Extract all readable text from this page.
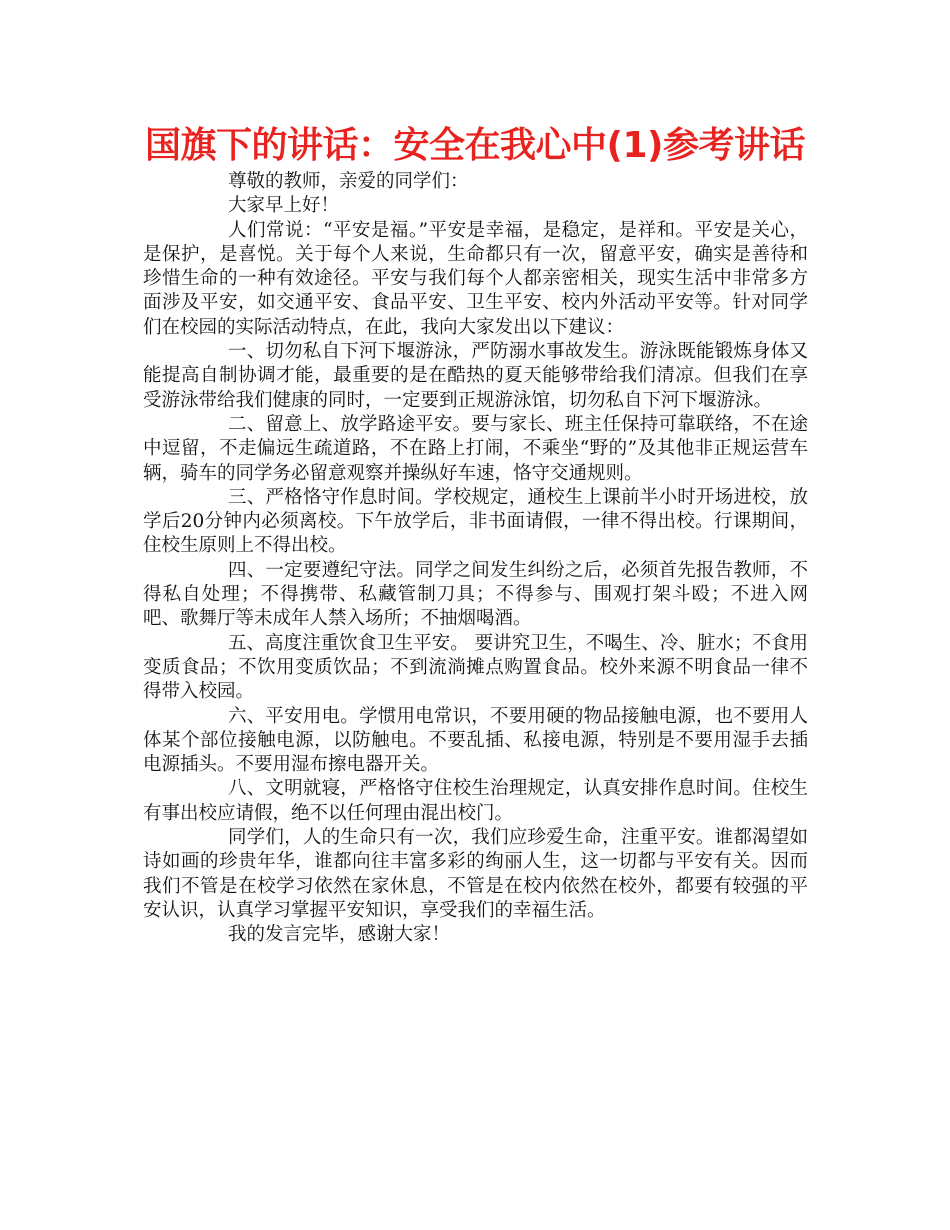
国旗下的讲话：安全在我心中(1)参考讲话

尊敬的教师，亲爱的同学们：

大家早上好！

人们常说：“平安是福。”平安是幸福，是稳定，是祥和。平安是关心，是保护，是喜悦。关于每个人来说，生命都只有一次，留意平安，确实是善待和珍惜生命的一种有效途径。平安与我们每个人都亲密相关，现实生活中非常多方面涉及平安，如交通平安、食品平安、卫生平安、校内外活动平安等。针对同学们在校园的实际活动特点，在此，我向大家发出以下建议：

一、切勿私自下河下堰游泳，严防溺水事故发生。游泳既能锻炼身体又能提高自制协调才能，最重要的是在酷热的夏天能够带给我们清凉。但我们在享受游泳带给我们健康的同时，一定要到正规游泳馆，切勿私自下河下堰游泳。

二、留意上、放学路途平安。要与家长、班主任保持可靠联络，不在途中逗留，不走偏远生疏道路，不在路上打闹，不乘坐“野的”及其他非正规运营车辆，骑车的同学务必留意观察并操纵好车速，恪守交通规则。

三、严格恪守作息时间。学校规定，通校生上课前半小时开场进校，放学后20分钟内必须离校。下午放学后，非书面请假，一律不得出校。行课期间，住校生原则上不得出校。

四、一定要遵纪守法。同学之间发生纠纷之后，必须首先报告教师，不得私自处理；不得携带、私藏管制刀具；不得参与、围观打架斗殴；不进入网吧、歌舞厅等未成年人禁入场所；不抽烟喝酒。

五、高度注重饮食卫生平安。 要讲究卫生，不喝生、冷、脏水；不食用变质食品；不饮用变质饮品；不到流淌摊点购置食品。校外来源不明食品一律不得带入校园。

六、平安用电。学惯用电常识，不要用硬的物品接触电源，也不要用人体某个部位接触电源，以防触电。不要乱插、私接电源，特别是不要用湿手去插电源插头。不要用湿布擦电器开关。

八、文明就寝，严格恪守住校生治理规定，认真安排作息时间。住校生有事出校应请假，绝不以任何理由混出校门。

同学们，人的生命只有一次，我们应珍爱生命，注重平安。谁都渴望如诗如画的珍贵年华，谁都向往丰富多彩的绚丽人生，这一切都与平安有关。因而我们不管是在校学习依然在家休息，不管是在校内依然在校外，都要有较强的平安认识，认真学习掌握平安知识，享受我们的幸福生活。

我的发言完毕，感谢大家！
